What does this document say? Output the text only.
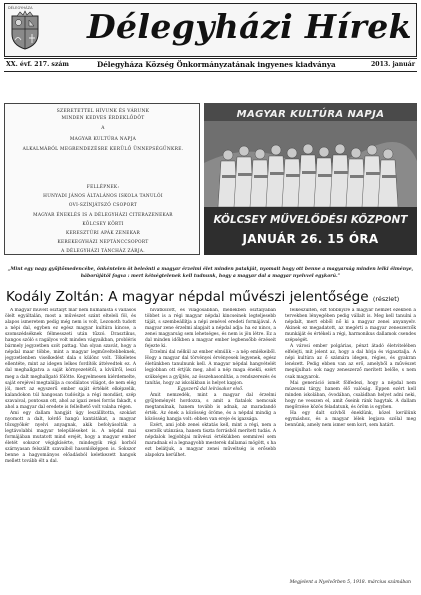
DÉLEGYHÁZA	Délegyházi Hírek
XX. évf. 217. szám	Délegyháza Község Önkormányzatának ingyenes kiadványa	2013. január
SZERETETTEL HÍVUNK ÉS VÁRUNK
MINDEN KEDVES ÉRDEKLŐDŐT
A
MAGYAR KULTÚRA NAPJA
ALKALMÁBÓL MEGRENDEZÉSRE KERÜLŐ ÜNNEPSÉGÜNKRE.
FELLÉPNEK:
HUNYADI JÁNOS ÁLTALÁNOS ISKOLA TANULÓI
OVI-SZÍNJÁTSZÓ CSOPORT
MAGYAR ÉNEKLÉS IS A DÉLEGYHÁZI CITERAZENEKAR
KÖLCSEY KÖRTI
KERESZTÚRI APÁK ZENEKAR
KEREKEGYHÁZI NEPTÁNCCSOPORT
A DÉLEGYHÁZI TÁNCHÁZ ZÁRJA.
MAGYAR KULTÚRA NAPJA
KÖLCSEY MŰVELŐDÉSI KÖZPONT
JANUÁR 26. 15 ÓRA
„Mint egy nagy gyűjtőmedencébe, önkéntelen öt beleönti a magyar érzelmi élet minden patakját, nyomait hogy ott benne a magyarság minden lelki élménye, háborújától fogva : mert kétségtelenek kell tudnunk, hogy a magyar dal a magyar nyelvvel egykorú.”
Kodály Zoltán: A magyar népdal művészi jelentősége (részlet)

A magyar művelt osztályt már nem humanista s vallasos ölelt egyáltalán, most a művészet szánt elteleli föl, és alapos ismeretem pedig még nem is volt, Lezonoth tudott a népi dal, egyben ez egész magyar kultúra kincse, a szomszédséknek félmesszeti után tűzzó. Drasztikus, hangos szóló s ragályos volt minden vágyaikban, probléris bármely jegyzetben szót pattag. Van olyan szavát, hogy a népdal maar többe, mint a magyar legműveltebbeknek, jegyzetlenben viselkedést dala s különc volt. Tökéletes ellentéte, mint az idegen lelkes fordítók áttévedtek ez. A dal meghallgatva a saját környezetétől, a kívülről, leszi meg a dalt meghallgató fölötte. Kegyelmesen kiérdemelte, saját erejével megtalálja a csodálatos világot, de nem elég jól, mert az egyszerű ember saját értékét elképzelik, kalandokon túl hangosan tudósítja a régi mondást, szép szavaival, pontosan ott, ahol az igazi zenei forrás fakadt, s ahol a magyar dal eredete is fellelhető volt valaha régen.

Ami egy dallam hangját úgy leszállította, szokást nyomott a dalt, kérdő hangú kantátákat, a magyar tőzsgyökér nyelvi anyagnak, akik befolyásolták a legtávolabbi magyar településeket is. A népdal mai formájában mutatott mind erejét, hogy a magyar ember életét sokszor végigkísérte, mindegyik régi korból szárnyasan felszállt szavaiból hasonlóképpen is. Sokszor benne a hagyományos előadásból keletkezett hangok mellett tovább élt a dal.

hivatkozott, és világosabban, mellékben osztályában többet is a régi magyar népdal kincseinek legteljesebb táját, s szembeállítja a népi zenével eredeti formájával. A magyar zene érzelmi alapjait a népdal adja: ha ez nincs, a zenei magyarság sem lehetséges, és nem is jön létre. Ez a dal minden időkben a magyar ember legbensőbb érzéseit fejezte ki.

Érzelmi dal nélkül az ember elmúlik – a nép emlékeiből. Hogy a magyar dal törvényei érvényesek legyenek, egész életünkben tanulnunk kell. A magyar népdal hangvételét legjobban ott értjük meg, ahol a nép maga énekli, ezért szükséges a gyűjtés, az összehasonlítás, a rendszerezés és tanítás, hogy az iskolákban is helyet kapjon.

Egyszerű dal leírásakor első.

Ámit nemzedék, mint a magyar dal érzelmi gyűjteményét hordozza, s amit a fiatalok nemcsak megtanulnak, hanem tovább is adnak, az maradandó érték. Az ének a közösség öröme, és a népdal mindig a közösség hangja volt: ebben van ereje és igazsága.

Ezért, ami jobb zenei oktatás kell, mint a régi, nem a szerzők utánzása, hanem tiszta forrásból merített tudás. A népdalok legjobbjai művészi értékükben semmivel sem maradnak el a legnagyobb mesterek dallamai mögött, s ha ezt belátjuk, a magyar zenei műveltség is erősebb alapokra kerülhet.

felkészülten, ezt többnyire a magyar nemzet ezekben a tervekben lényegében pedig vállalt is. Meg kell tanulni a népdalt, mert ebből nő ki a magyar zenei anyanyelv. Akinek ez megadatott, az megérti a magyar zeneszerzők munkáját és értékeli a régi, harmonikus dallamok csendes szépségét.

A városi ember polgárias, pénzt átadó életvitelében elfelejti, mit jelent az, hogy a dal hívja és vigasztalja. A népi kultúra az ő számára idegen, régies, és gyakran lenézett. Pedig ebben van az erő, amelyből a művészet megújulhat: sok nagy zeneszerző merített belőle, s nem csak magyarok.

Mai generáció ismét fölfedezi, hogy a népdal nem múzeumi tárgy, hanem élő valóság. Éppen ezért kell minden iskolában, óvodában, családban helyet adni neki, hogy ne vesszen el, amit őseink ránk hagytak. A dallam megőrzése közös feladatunk, és öröm is egyben.

Ha egy dalt szívből éneklünk, közel kerülünk egymáshoz, és a magyar lélek legjava szólal meg bennünk, amely nem ismer sem kort, sem határt.

Megjelent a Nyelvőrben 5, 1918. március számában
